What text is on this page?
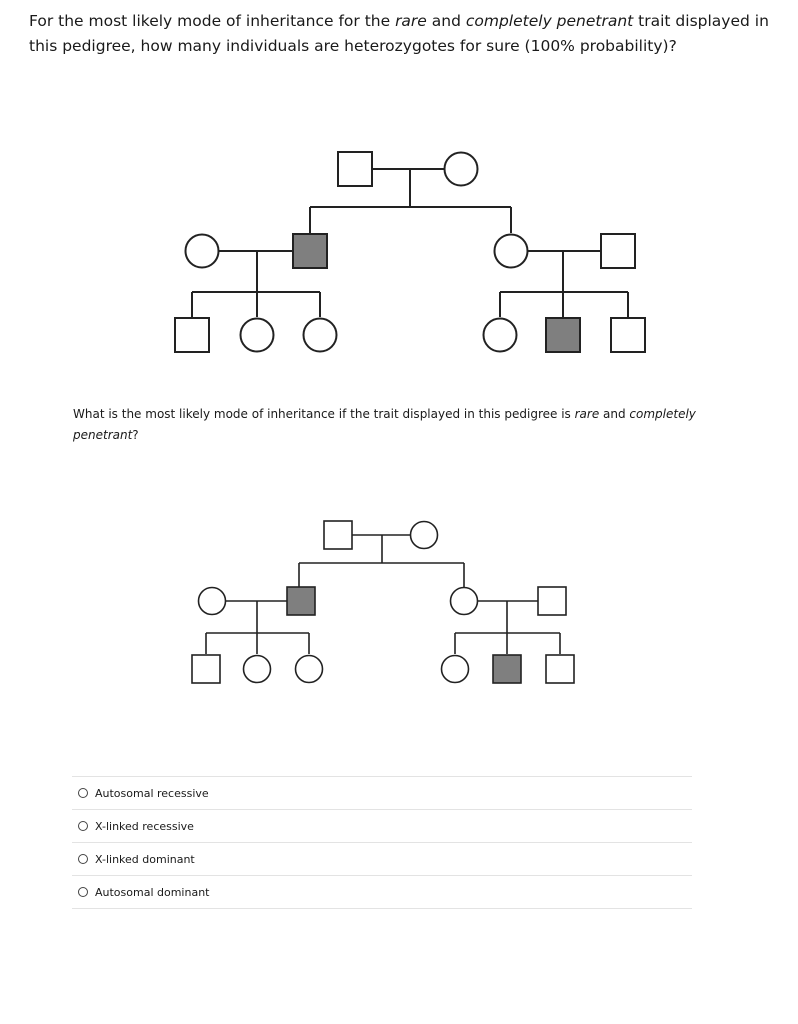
For the most likely mode of inheritance for the rare and completely penetrant trait displayed in this pedigree, how many individuals are heterozygotes for sure (100% probability)?
What is the most likely mode of inheritance if the trait displayed in this pedigree is rare and completely penetrant?
Autosomal recessive
X-linked recessive
X-linked dominant
Autosomal dominant
